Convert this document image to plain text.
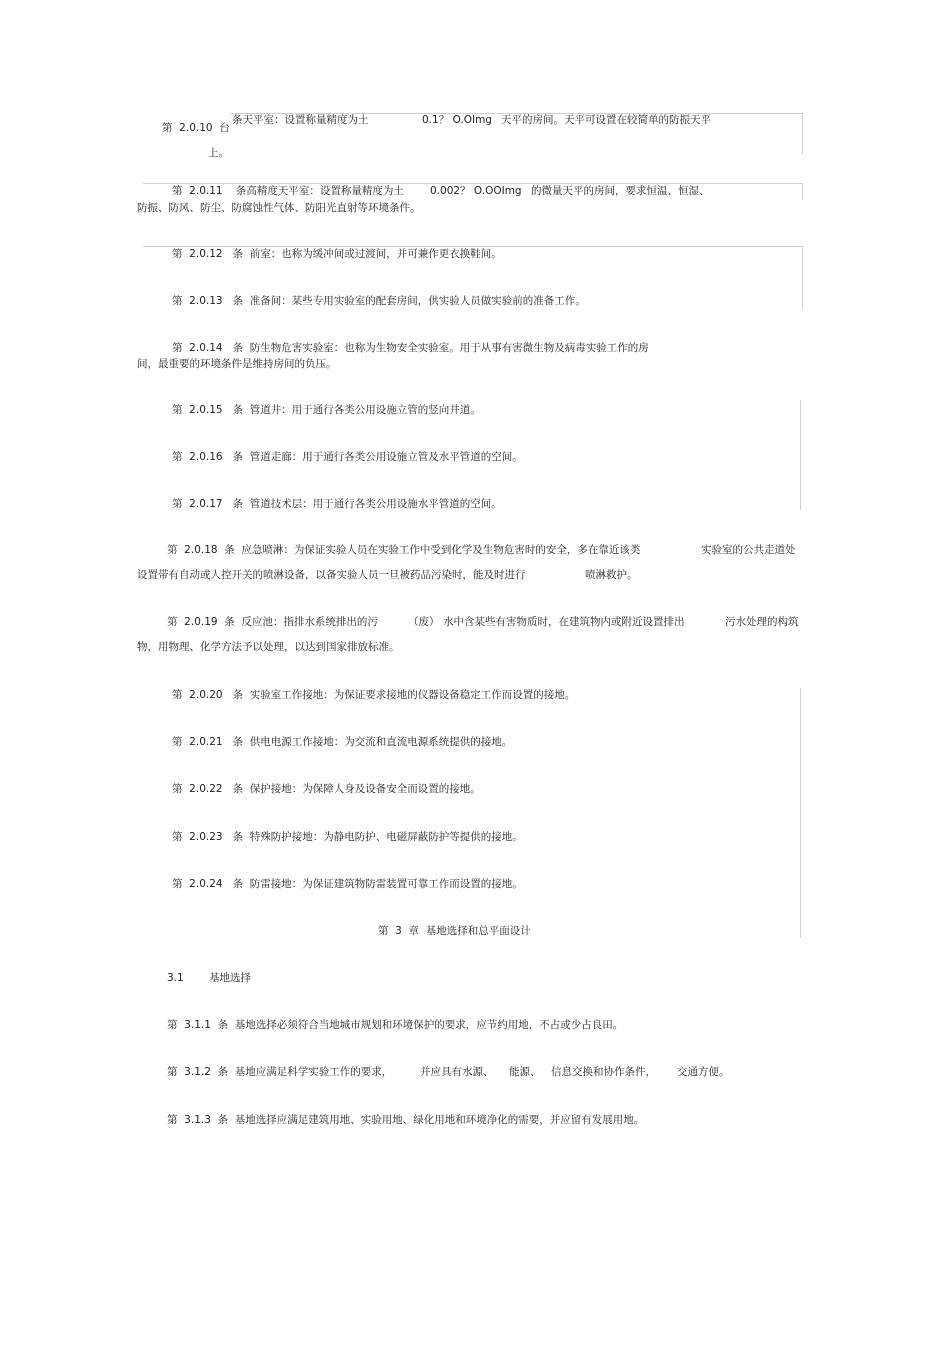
第  2.0.10  台
条天平室：设置称量精度为土	0.1？ O.OImg 天平的房间。天平可设置在较简单的防振天平
上。
第  2.0.11    条高精度天平室：设置称量精度为土 0.002？ O.OOImg 的微量天平的房间，要求恒温、恒湿、
防振、防风、防尘、防腐蚀性气体、防阳光直射等环境条件。
第  2.0.12   条  前室：也称为缓冲间或过渡间，并可兼作更衣换鞋间。
第  2.0.13   条  准备间：某些专用实验室的配套房间，供实验人员做实验前的准备工作。
第  2.0.14   条  防生物危害实验室：也称为生物安全实验室。用于从事有害微生物及病毒实验工作的房
间，最重要的环境条件是维持房间的负压。
第  2.0.15   条  管道井：用于通行各类公用设施立管的竖向井道。
第  2.0.16   条  管道走廊：用于通行各类公用设施立管及水平管道的空间。
第  2.0.17   条  管道技术层：用于通行各类公用设施水平管道的空间。
第  2.0.18  条  应急喷淋：为保证实验人员在实验工作中受到化学及生物危害时的安全，多在靠近该类	实验室的公共走道处
设置带有自动或人控开关的喷淋设备，以备实验人员一旦被药品污染时，能及时进行	喷淋救护。
第  2.0.19  条  反应池：指排水系统排出的污	（废） 水中含某些有害物质时，在建筑物内或附近设置排出	污水处理的构筑
物，用物理、化学方法予以处理，以达到国家排放标准。
第  2.0.20   条  实验室工作接地：为保证要求接地的仪器设备稳定工作而设置的接地。
第  2.0.21   条  供电电源工作接地：为交流和直流电源系统提供的接地。
第  2.0.22   条  保护接地：为保障人身及设备安全而设置的接地。
第  2.0.23   条  特殊防护接地：为静电防护、电磁屏蔽防护等提供的接地。
第  2.0.24   条  防雷接地：为保证建筑物防雷装置可靠工作而设置的接地。
第  3  章  基地选择和总平面设计
3.1 基地选择
第  3.1.1  条  基地选择必须符合当地城市规划和环境保护的要求，应节约用地，不占或少占良田。
第  3.1.2  条  基地应满足科学实验工作的要求，	并应具有水源、 能源、 信息交换和协作条件， 交通方便。
第  3.1.3  条  基地选择应满足建筑用地、实验用地、绿化用地和环境净化的需要，并应留有发展用地。
